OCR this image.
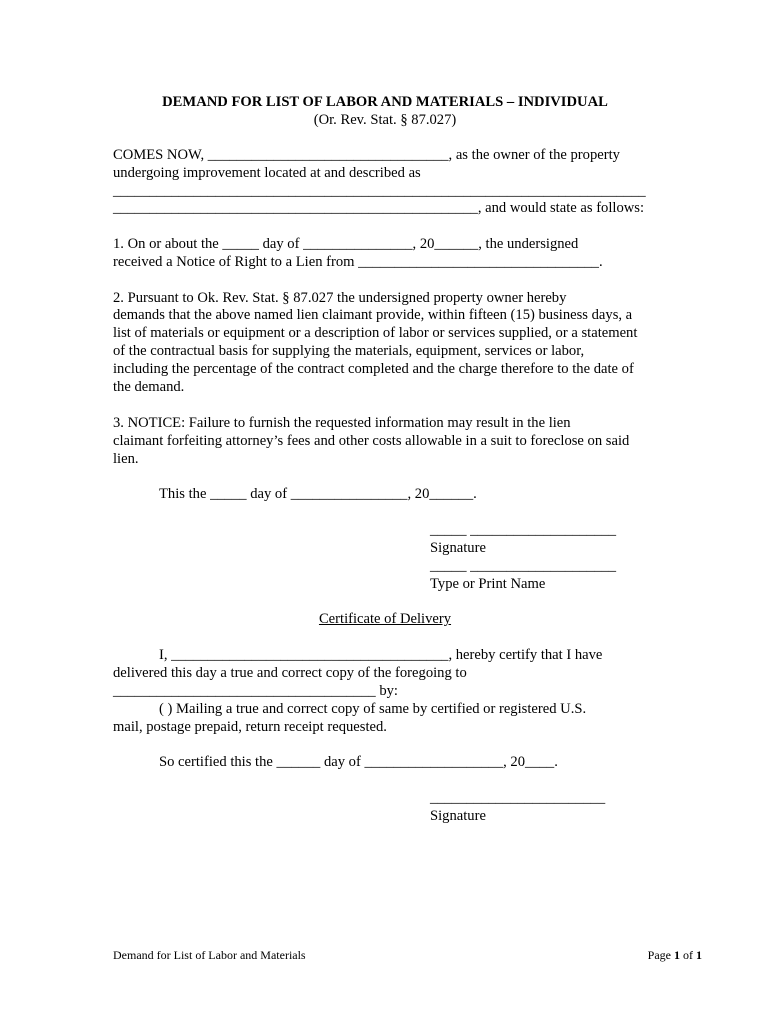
DEMAND FOR LIST OF LABOR AND MATERIALS – INDIVIDUAL

(Or. Rev. Stat. § 87.027)

COMES NOW, _________________________________, as the owner of the property

undergoing improvement located at and described as

_________________________________________________________________________

__________________________________________________, and would state as follows:

1. On or about the _____ day of _______________, 20______, the undersigned

received a Notice of Right to a Lien from _________________________________.

2. Pursuant to Ok. Rev. Stat. § 87.027 the undersigned property owner hereby

demands that the above named lien claimant provide, within fifteen (15) business days, a

list of materials or equipment or a description of labor or services supplied, or a statement

of the contractual basis for supplying the materials, equipment, services or labor,

including the percentage of the contract completed and the charge therefore to the date of

the demand.

3. NOTICE: Failure to furnish the requested information may result in the lien

claimant forfeiting attorney’s fees and other costs allowable in a suit to foreclose on said

lien.

This the _____ day of ________________, 20______.

_____ ____________________

Signature

_____ ____________________

Type or Print Name

Certificate of Delivery

I, ______________________________________, hereby certify that I have

delivered this day a true and correct copy of the foregoing to

____________________________________ by:

( ) Mailing a true and correct copy of same by certified or registered U.S.

mail, postage prepaid, return receipt requested.

So certified this the ______ day of ___________________, 20____.

________________________

Signature

Demand for List of Labor and Materials	Page 1 of 1
